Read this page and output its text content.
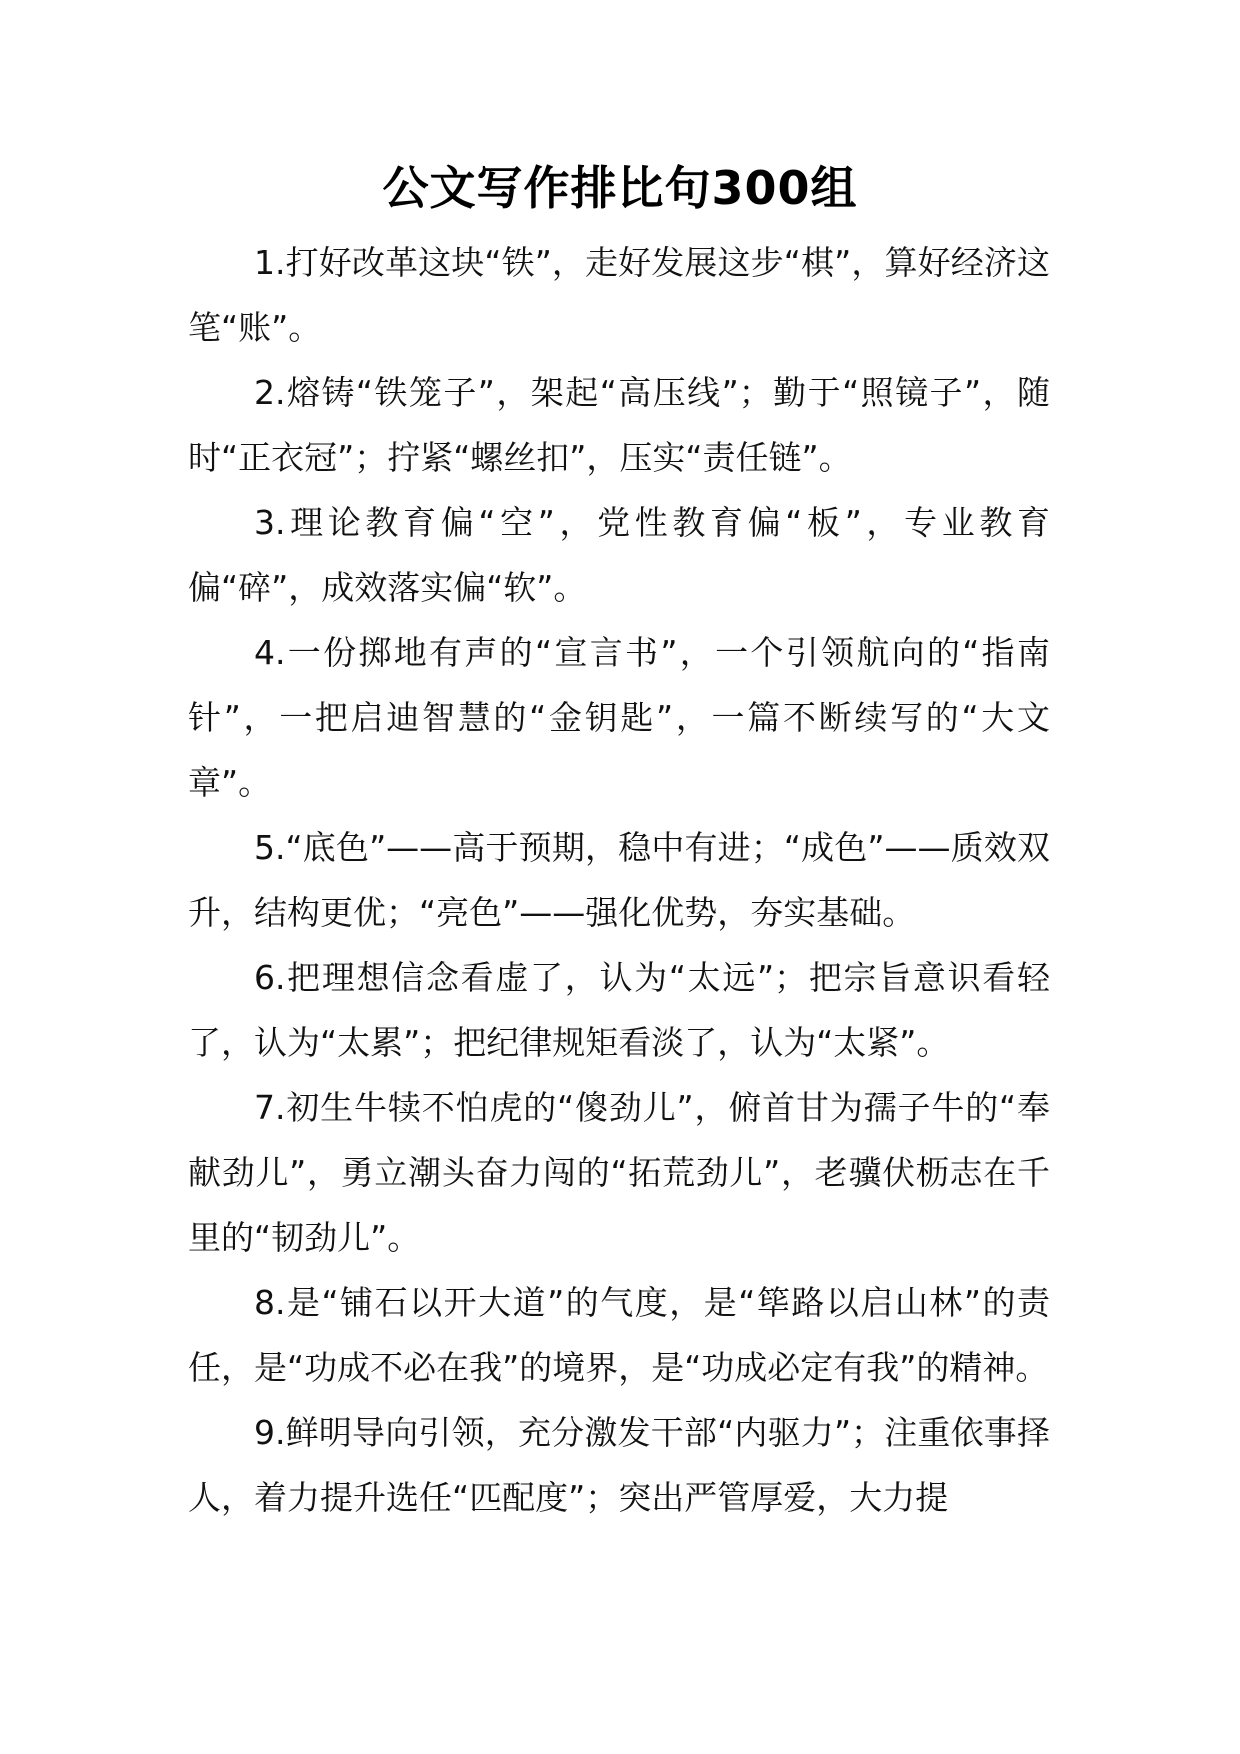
公文写作排比句300组

1.打好改革这块“铁”，走好发展这步“棋”，算好经济这笔“账”。

2.熔铸“铁笼子”，架起“高压线”；勤于“照镜子”，随时“正衣冠”；拧紧“螺丝扣”，压实“责任链”。

3.理论教育偏“空”，党性教育偏“板”，专业教育偏“碎”，成效落实偏“软”。

4.一份掷地有声的“宣言书”，一个引领航向的“指南针”，一把启迪智慧的“金钥匙”，一篇不断续写的“大文章”。

5.“底色”——高于预期，稳中有进；“成色”——质效双升，结构更优；“亮色”——强化优势，夯实基础。

6.把理想信念看虚了，认为“太远”；把宗旨意识看轻了，认为“太累”；把纪律规矩看淡了，认为“太紧”。

7.初生牛犊不怕虎的“傻劲儿”，俯首甘为孺子牛的“奉献劲儿”，勇立潮头奋力闯的“拓荒劲儿”，老骥伏枥志在千里的“韧劲儿”。

8.是“铺石以开大道”的气度，是“筚路以启山林”的责任，是“功成不必在我”的境界，是“功成必定有我”的精神。

9.鲜明导向引领，充分激发干部“内驱力”；注重依事择人，着力提升选任“匹配度”；突出严管厚爱，大力提
